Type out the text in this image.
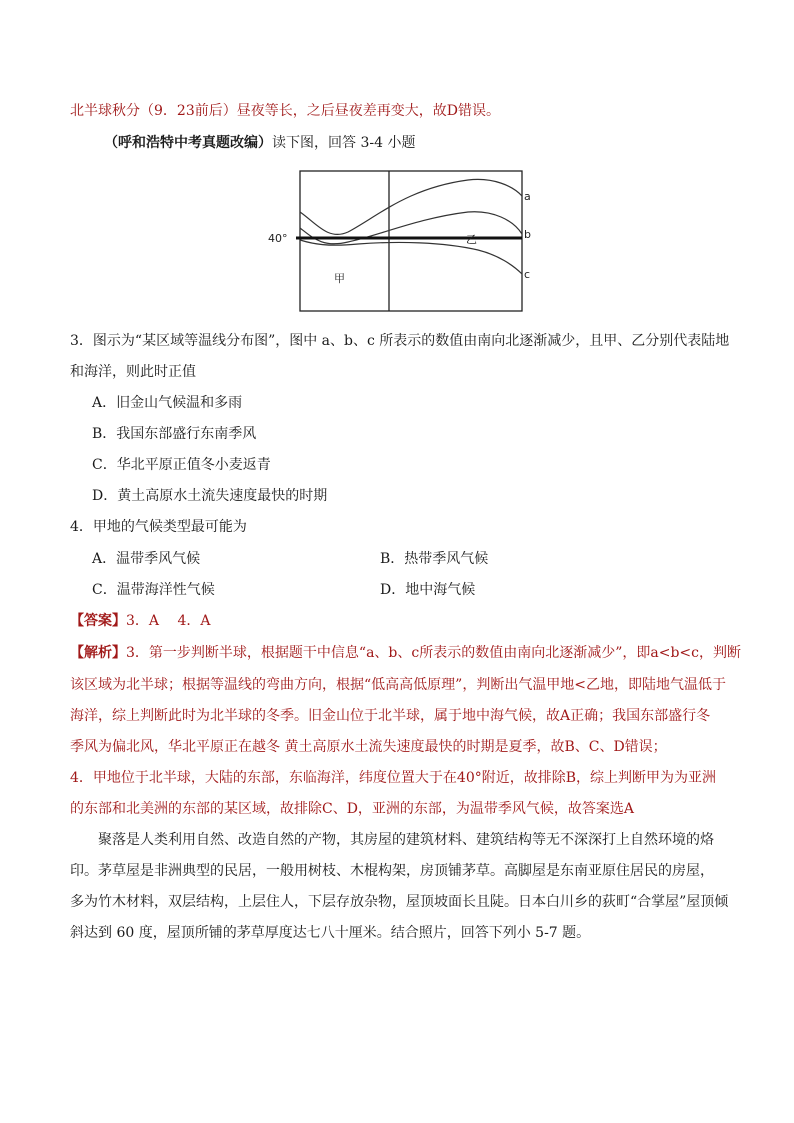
北半球秋分（9．23前后）昼夜等长，之后昼夜差再变大，故D错误。
（呼和浩特中考真题改编）读下图，回答 3-4 小题
40°
a
b
c
甲
乙
3．图示为“某区域等温线分布图”，图中 a、b、c 所表示的数值由南向北逐渐减少，且甲、乙分别代表陆地
和海洋，则此时正值
A．旧金山气候温和多雨
B．我国东部盛行东南季风
C．华北平原正值冬小麦返青
D．黄土高原水土流失速度最快的时期
4．甲地的气候类型最可能为
A．温带季风气候	B．热带季风气候
C．温带海洋性气候	D．地中海气候
【答案】3．A　 4．A
【解析】3．第一步判断半球，根据题干中信息“a、b、c所表示的数值由南向北逐渐减少”，即a<b<c，判断
该区域为北半球；根据等温线的弯曲方向，根据“低高高低原理”，判断出气温甲地<乙地，即陆地气温低于
海洋，综上判断此时为北半球的冬季。旧金山位于北半球，属于地中海气候，故A正确；我国东部盛行冬
季风为偏北风，华北平原正在越冬 黄土高原水土流失速度最快的时期是夏季，故B、C、D错误；
4．甲地位于北半球，大陆的东部，东临海洋，纬度位置大于在40°附近，故排除B，综上判断甲为为亚洲
的东部和北美洲的东部的某区域，故排除C、D，亚洲的东部，为温带季风气候，故答案选A
聚落是人类利用自然、改造自然的产物，其房屋的建筑材料、建筑结构等无不深深打上自然环境的烙
印。茅草屋是非洲典型的民居，一般用树枝、木棍构架，房顶铺茅草。高脚屋是东南亚原住居民的房屋，
多为竹木材料，双层结构，上层住人，下层存放杂物，屋顶坡面长且陡。日本白川乡的荻町“合掌屋”屋顶倾
斜达到 60 度，屋顶所铺的茅草厚度达七八十厘米。结合照片，回答下列小 5-7 题。
